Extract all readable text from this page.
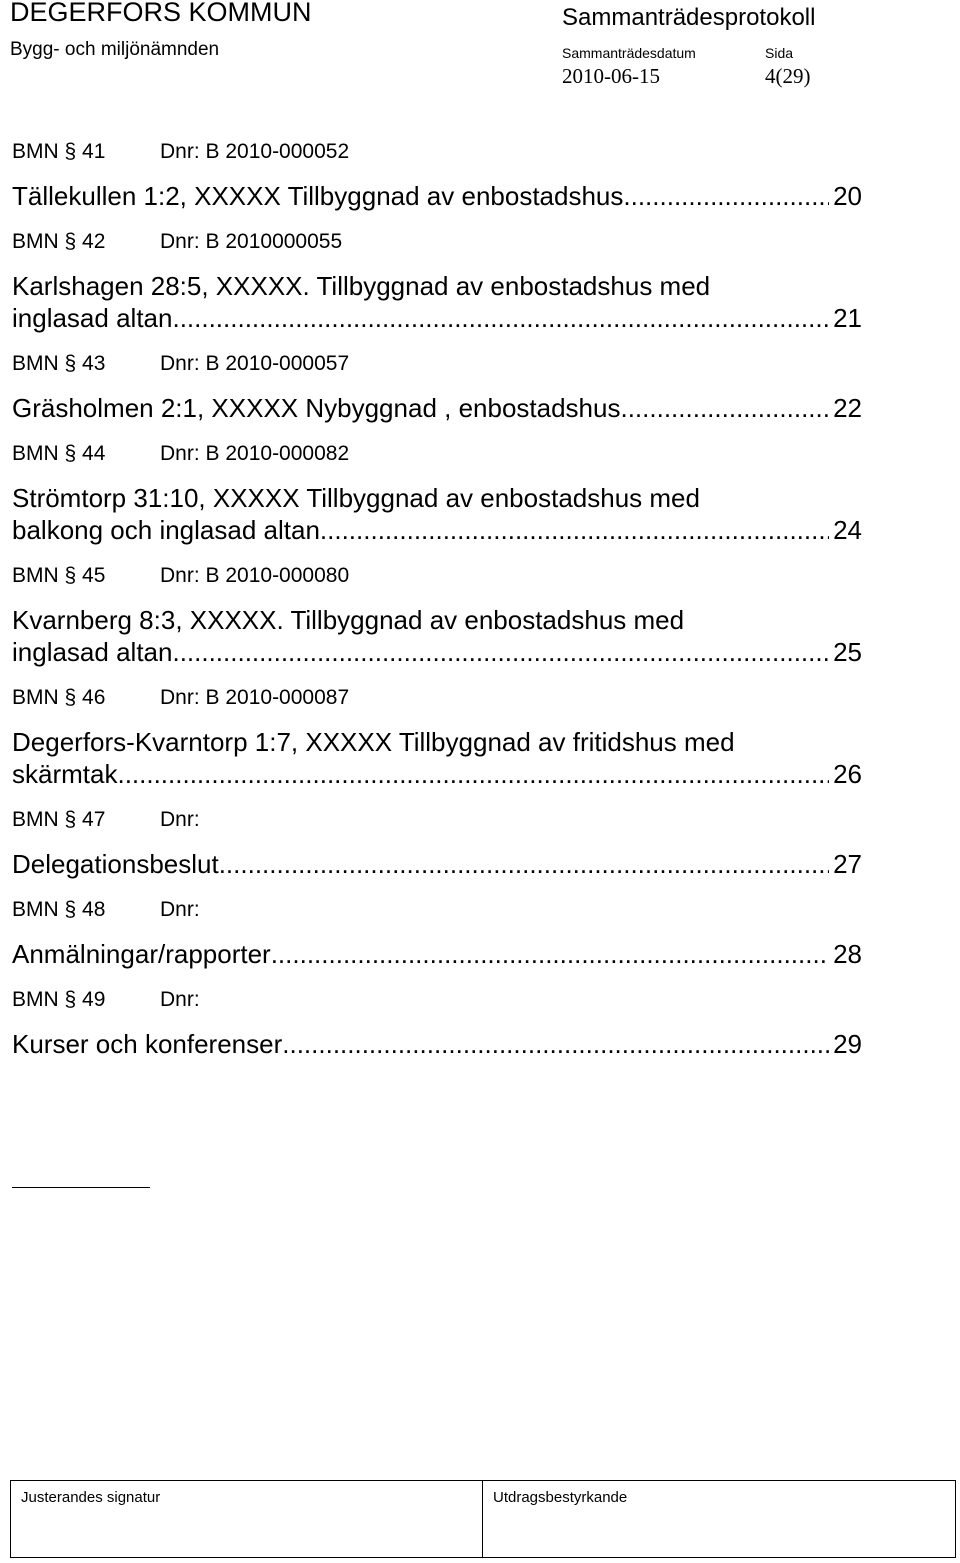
DEGERFORS KOMMUN
Bygg- och miljönämnden
Sammanträdesprotokoll
Sammanträdesdatum	Sida
2010-06-15	4(29)
BMN § 41	Dnr: B 2010-000052
Tällekullen 1:2, XXXXX Tillbyggnad av enbostadshus .....	20
BMN § 42	Dnr: B 2010000055
Karlshagen 28:5, XXXXX. Tillbyggnad av enbostadshus med
inglasad altan .....	21
BMN § 43	Dnr: B 2010-000057
Gräsholmen 2:1, XXXXX Nybyggnad , enbostadshus .....	22
BMN § 44	Dnr: B 2010-000082
Strömtorp 31:10, XXXXX Tillbyggnad av enbostadshus med
balkong och inglasad altan .....	24
BMN § 45	Dnr: B 2010-000080
Kvarnberg 8:3, XXXXX. Tillbyggnad av enbostadshus med
inglasad altan .....	25
BMN § 46	Dnr: B 2010-000087
Degerfors-Kvarntorp 1:7, XXXXX Tillbyggnad av fritidshus med
skärmtak .....	26
BMN § 47	Dnr:
Delegationsbeslut .....	27
BMN § 48	Dnr:
Anmälningar/rapporter .....	28
BMN § 49	Dnr:
Kurser och konferenser .....	29
Justerandes signatur	Utdragsbestyrkande
